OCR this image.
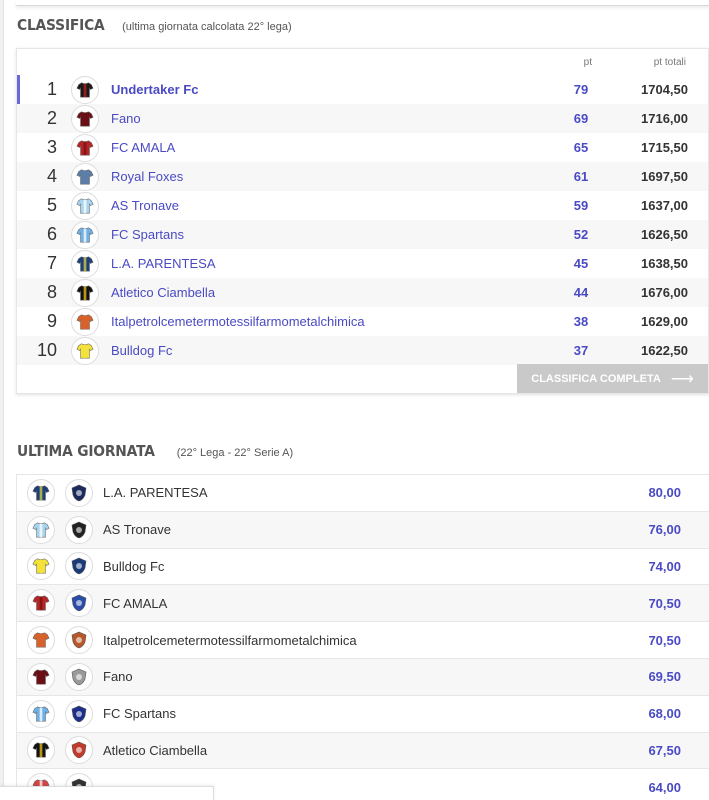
CLASSIFICA (ultima giornata calcolata 22° lega)
pt	pt totali
1	Undertaker Fc	79	1704,50
2	Fano	69	1716,00
3	FC AMALA	65	1715,50
4	Royal Foxes	61	1697,50
5	AS Tronave	59	1637,00
6	FC Spartans	52	1626,50
7	L.A. PARENTESA	45	1638,50
8	Atletico Ciambella	44	1676,00
9	Italpetrolcemetermotessilfarmometalchimica	38	1629,00
10	Bulldog Fc	37	1622,50
CLASSIFICA COMPLETA ⟶
ULTIMA GIORNATA (22° Lega - 22° Serie A)
L.A. PARENTESA	80,00
AS Tronave	76,00
Bulldog Fc	74,00
FC AMALA	70,50
Italpetrolcemetermotessilfarmometalchimica	70,50
Fano	69,50
FC Spartans	68,00
Atletico Ciambella	67,50
64,00
